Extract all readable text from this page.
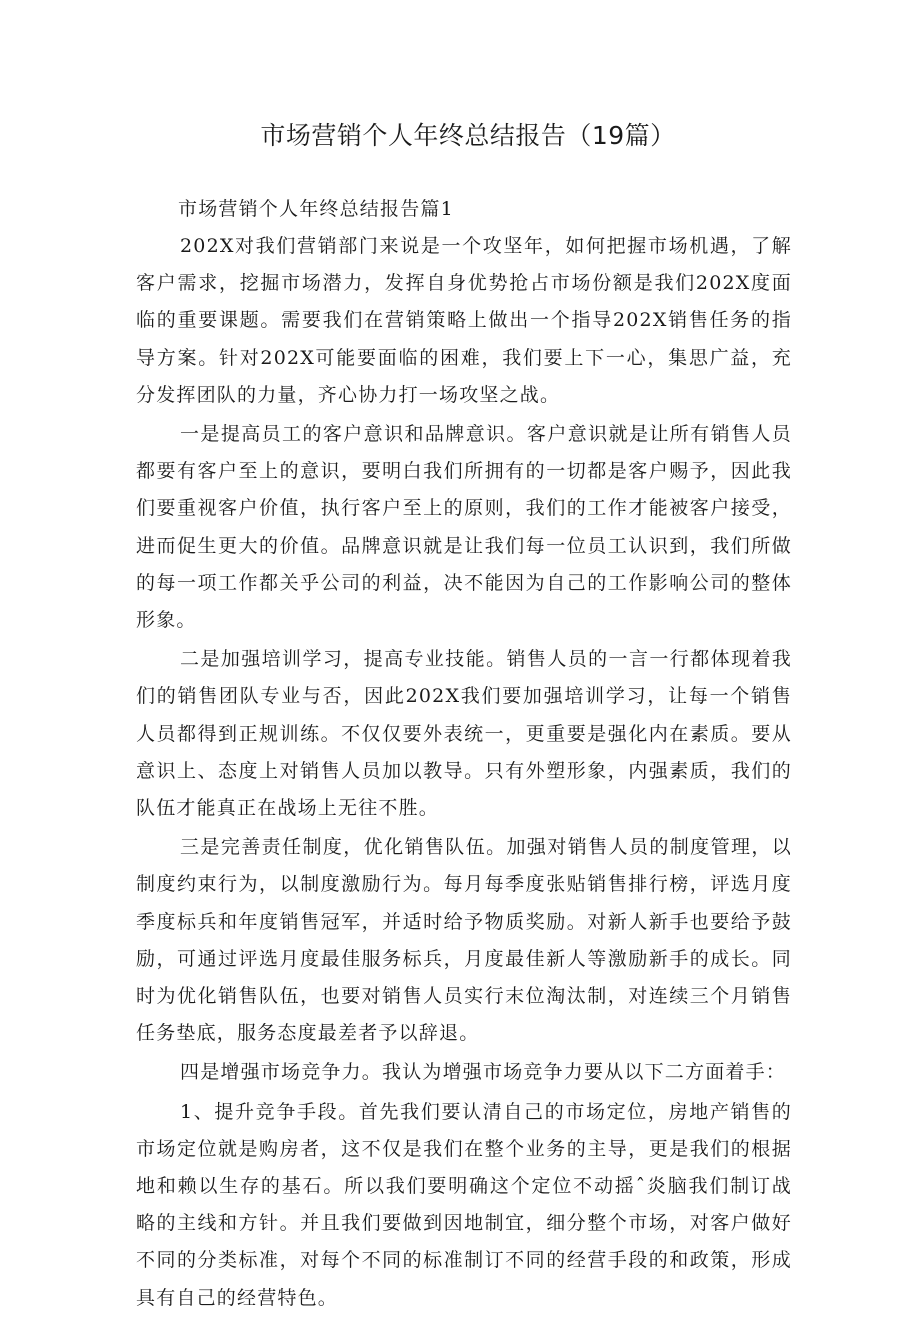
市场营销个人年终总结报告（19篇）

市场营销个人年终总结报告篇1

202X对我们营销部门来说是一个攻坚年，如何把握市场机遇，了解客户需求，挖掘市场潜力，发挥自身优势抢占市场份额是我们202X度面临的重要课题。需要我们在营销策略上做出一个指导202X销售任务的指导方案。针对202X可能要面临的困难，我们要上下一心，集思广益，充分发挥团队的力量，齐心协力打一场攻坚之战。

一是提高员工的客户意识和品牌意识。客户意识就是让所有销售人员都要有客户至上的意识，要明白我们所拥有的一切都是客户赐予，因此我们要重视客户价值，执行客户至上的原则，我们的工作才能被客户接受，进而促生更大的价值。品牌意识就是让我们每一位员工认识到，我们所做的每一项工作都关乎公司的利益，决不能因为自己的工作影响公司的整体形象。

二是加强培训学习，提高专业技能。销售人员的一言一行都体现着我们的销售团队专业与否，因此202X我们要加强培训学习，让每一个销售人员都得到正规训练。不仅仅要外表统一，更重要是强化内在素质。要从意识上、态度上对销售人员加以教导。只有外塑形象，内强素质，我们的队伍才能真正在战场上无往不胜。

三是完善责任制度，优化销售队伍。加强对销售人员的制度管理，以制度约束行为，以制度激励行为。每月每季度张贴销售排行榜，评选月度季度标兵和年度销售冠军，并适时给予物质奖励。对新人新手也要给予鼓励，可通过评选月度最佳服务标兵，月度最佳新人等激励新手的成长。同时为优化销售队伍，也要对销售人员实行末位淘汰制，对连续三个月销售任务垫底，服务态度最差者予以辞退。

四是增强市场竞争力。我认为增强市场竞争力要从以下二方面着手：

1、提升竞争手段。首先我们要认清自己的市场定位，房地产销售的市场定位就是购房者，这不仅是我们在整个业务的主导，更是我们的根据地和赖以生存的基石。所以我们要明确这个定位不动摇ˆ炎脑我们制订战略的主线和方针。并且我们要做到因地制宜，细分整个市场，对客户做好不同的分类标准，对每个不同的标准制订不同的经营手段的和政策，形成具有自己的经营特色。
